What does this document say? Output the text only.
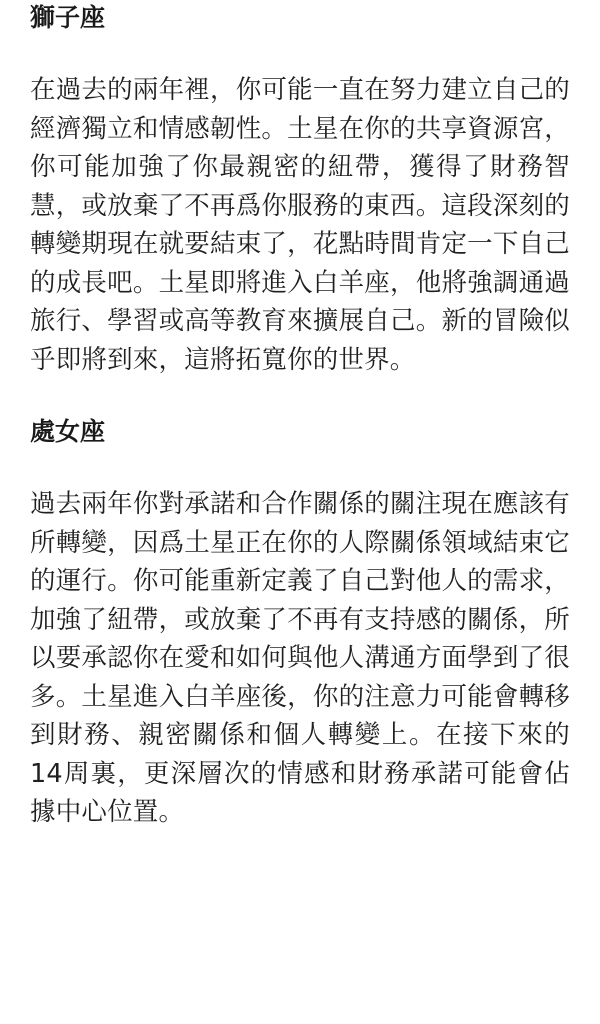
獅子座

在過去的兩年裡，你可能一直在努力建立自己的經濟獨立和情感韌性。土星在你的共享資源宮，你可能加強了你最親密的紐帶，獲得了財務智慧，或放棄了不再爲你服務的東西。這段深刻的轉變期現在就要結束了，花點時間肯定一下自己的成長吧。土星即將進入白羊座，他將強調通過旅行、學習或高等教育來擴展自己。新的冒險似乎即將到來，這將拓寬你的世界。

處女座

過去兩年你對承諾和合作關係的關注現在應該有所轉變，因爲土星正在你的人際關係領域結束它的運行。你可能重新定義了自己對他人的需求，加強了紐帶，或放棄了不再有支持感的關係，所以要承認你在愛和如何與他人溝通方面學到了很多。土星進入白羊座後，你的注意力可能會轉移到財務、親密關係和個人轉變上。在接下來的14周裏，更深層次的情感和財務承諾可能會佔據中心位置。
